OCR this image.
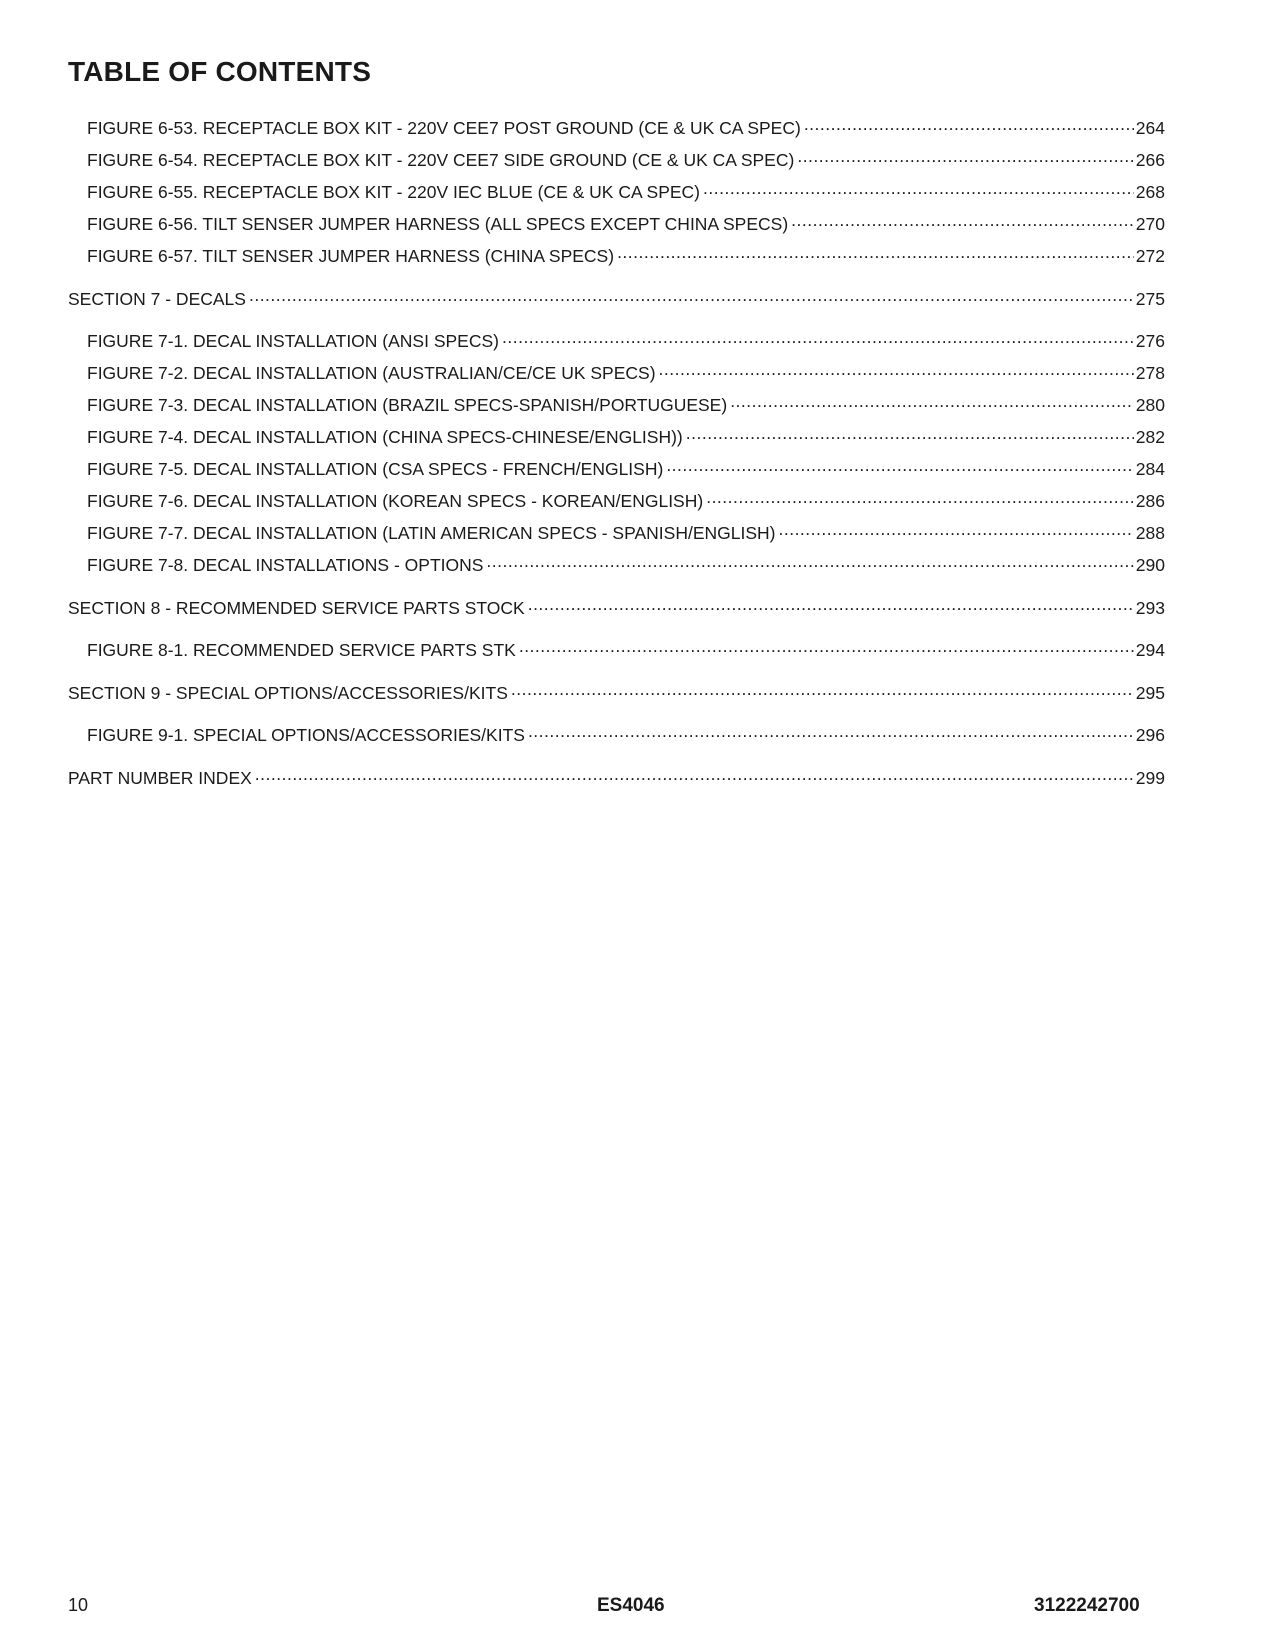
TABLE OF CONTENTS
FIGURE 6-53. RECEPTACLE BOX KIT - 220V CEE7 POST GROUND (CE & UK CA SPEC) .....	264
FIGURE 6-54. RECEPTACLE BOX KIT - 220V CEE7 SIDE GROUND (CE & UK CA SPEC) .....	266
FIGURE 6-55. RECEPTACLE BOX KIT - 220V IEC BLUE (CE & UK CA SPEC) .....	268
FIGURE 6-56. TILT SENSER JUMPER HARNESS (ALL SPECS EXCEPT CHINA SPECS) .....	270
FIGURE 6-57. TILT SENSER JUMPER HARNESS (CHINA SPECS) .....	272
SECTION 7 - DECALS .....	275
FIGURE 7-1. DECAL INSTALLATION (ANSI SPECS) .....	276
FIGURE 7-2. DECAL INSTALLATION (AUSTRALIAN/CE/CE UK SPECS) .....	278
FIGURE 7-3. DECAL INSTALLATION (BRAZIL SPECS-SPANISH/PORTUGUESE) .....	280
FIGURE 7-4. DECAL INSTALLATION (CHINA SPECS-CHINESE/ENGLISH)) .....	282
FIGURE 7-5. DECAL INSTALLATION (CSA SPECS - FRENCH/ENGLISH) .....	284
FIGURE 7-6. DECAL INSTALLATION (KOREAN SPECS - KOREAN/ENGLISH) .....	286
FIGURE 7-7. DECAL INSTALLATION (LATIN AMERICAN SPECS - SPANISH/ENGLISH) .....	288
FIGURE 7-8. DECAL INSTALLATIONS - OPTIONS .....	290
SECTION 8 - RECOMMENDED SERVICE PARTS STOCK .....	293
FIGURE 8-1. RECOMMENDED SERVICE PARTS STK .....	294
SECTION 9 - SPECIAL OPTIONS/ACCESSORIES/KITS .....	295
FIGURE 9-1. SPECIAL OPTIONS/ACCESSORIES/KITS .....	296
PART NUMBER INDEX .....	299
10	ES4046	3122242700
